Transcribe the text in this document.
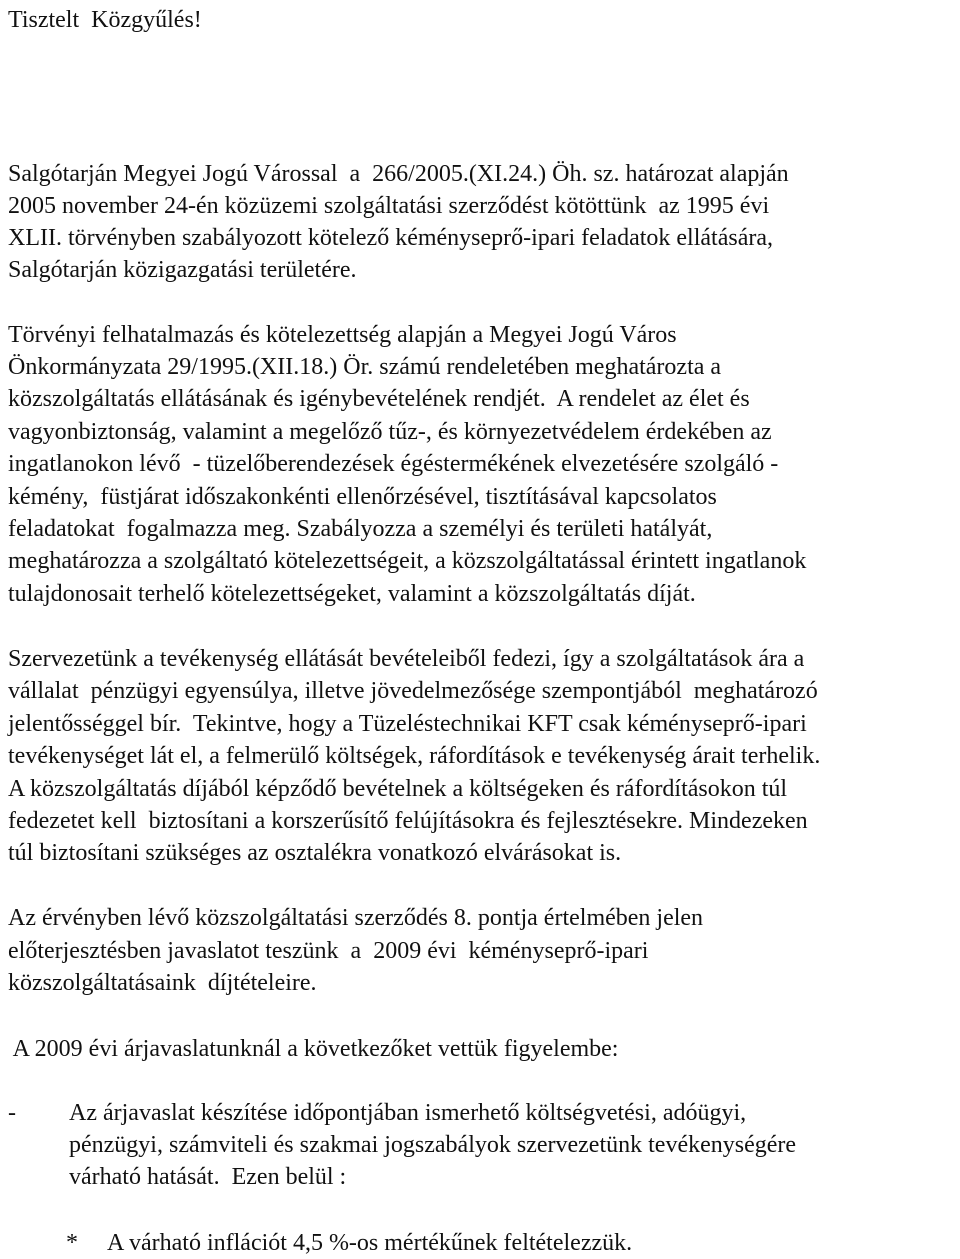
Tisztelt  Közgyűlés!
Salgótarján Megyei Jogú Várossal  a  266/2005.(XI.24.) Öh. sz. határozat alapján
2005 november 24-én közüzemi szolgáltatási szerződést kötöttünk  az 1995 évi
XLII. törvényben szabályozott kötelező kéményseprő-ipari feladatok ellátására,
Salgótarján közigazgatási területére.
Törvényi felhatalmazás és kötelezettség alapján a Megyei Jogú Város
Önkormányzata 29/1995.(XII.18.) Ör. számú rendeletében meghatározta a
közszolgáltatás ellátásának és igénybevételének rendjét.  A rendelet az élet és
vagyonbiztonság, valamint a megelőző tűz-, és környezetvédelem érdekében az
ingatlanokon lévő  - tüzelőberendezések égéstermékének elvezetésére szolgáló -
kémény,  füstjárat időszakonkénti ellenőrzésével, tisztításával kapcsolatos
feladatokat  fogalmazza meg. Szabályozza a személyi és területi hatályát,
meghatározza a szolgáltató kötelezettségeit, a közszolgáltatással érintett ingatlanok
tulajdonosait terhelő kötelezettségeket, valamint a közszolgáltatás díját.
Szervezetünk a tevékenység ellátását bevételeiből fedezi, így a szolgáltatások ára a
vállalat  pénzügyi egyensúlya, illetve jövedelmezősége szempontjából  meghatározó
jelentősséggel bír.  Tekintve, hogy a Tüzeléstechnikai KFT csak kéményseprő-ipari
tevékenységet lát el, a felmerülő költségek, ráfordítások e tevékenység árait terhelik.
A közszolgáltatás díjából képződő bevételnek a költségeken és ráfordításokon túl
fedezetet kell  biztosítani a korszerűsítő felújításokra és fejlesztésekre. Mindezeken
túl biztosítani szükséges az osztalékra vonatkozó elvárásokat is.
Az érvényben lévő közszolgáltatási szerződés 8. pontja értelmében jelen
előterjesztésben javaslatot teszünk  a  2009 évi  kéményseprő-ipari
közszolgáltatásaink  díjtételeire.
A 2009 évi árjavaslatunknál a következőket vettük figyelembe:
- Az árjavaslat készítése időpontjában ismerhető költségvetési, adóügyi,
pénzügyi, számviteli és szakmai jogszabályok szervezetünk tevékenységére
várható hatását.  Ezen belül :
* A várható inflációt 4,5 %-os mértékűnek feltételezzük.
